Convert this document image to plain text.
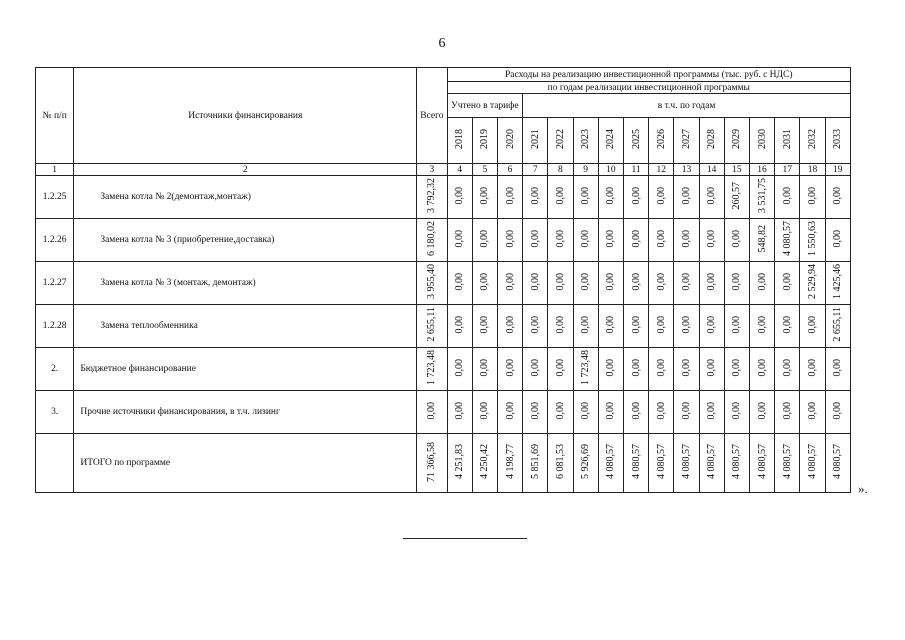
6
№ п/п	Источники финансирования	Всего	Расходы на реализацию инвестиционной программы (тыс. руб. с НДС)															
			по годам реализации инвестиционной программы															
			Учтено в тарифе			в т.ч. по годам												
			2018	2019	2020	2021	2022	2023	2024	2025	2026	2027	2028	2029	2030	2031	2032	2033
1	2	3	4	5	6	7	8	9	10	11	12	13	14	15	16	17	18	19
1.2.25	Замена котла № 2(демонтаж,монтаж)	3 792,32	0,00	0,00	0,00	0,00	0,00	0,00	0,00	0,00	0,00	0,00	0,00	260,57	3 531,75	0,00	0,00	0,00
1.2.26	Замена котла № 3 (приобретение,доставка)	6 180,02	0,00	0,00	0,00	0,00	0,00	0,00	0,00	0,00	0,00	0,00	0,00	0,00	548,82	4 080,57	1 550,63	0,00
1.2.27	Замена котла № 3 (монтаж, демонтаж)	3 955,40	0,00	0,00	0,00	0,00	0,00	0,00	0,00	0,00	0,00	0,00	0,00	0,00	0,00	0,00	2 529,94	1 425,46
1.2.28	Замена теплообменника	2 655,11	0,00	0,00	0,00	0,00	0,00	0,00	0,00	0,00	0,00	0,00	0,00	0,00	0,00	0,00	0,00	2 655,11
2.	Бюджетное финансирование	1 723,48	0,00	0,00	0,00	0,00	0,00	1 723,48	0,00	0,00	0,00	0,00	0,00	0,00	0,00	0,00	0,00	0,00
3.	Прочие источники финансирования, в т.ч. лизинг	0,00	0,00	0,00	0,00	0,00	0,00	0,00	0,00	0,00	0,00	0,00	0,00	0,00	0,00	0,00	0,00	0,00
	ИТОГО по программе	71 366,58	4 251,83	4 250,42	4 198,77	5 851,69	6 081,53	5 926,69	4 080,57	4 080,57	4 080,57	4 080,57	4 080,57	4 080,57	4 080,57	4 080,57	4 080,57	4 080,57
».
